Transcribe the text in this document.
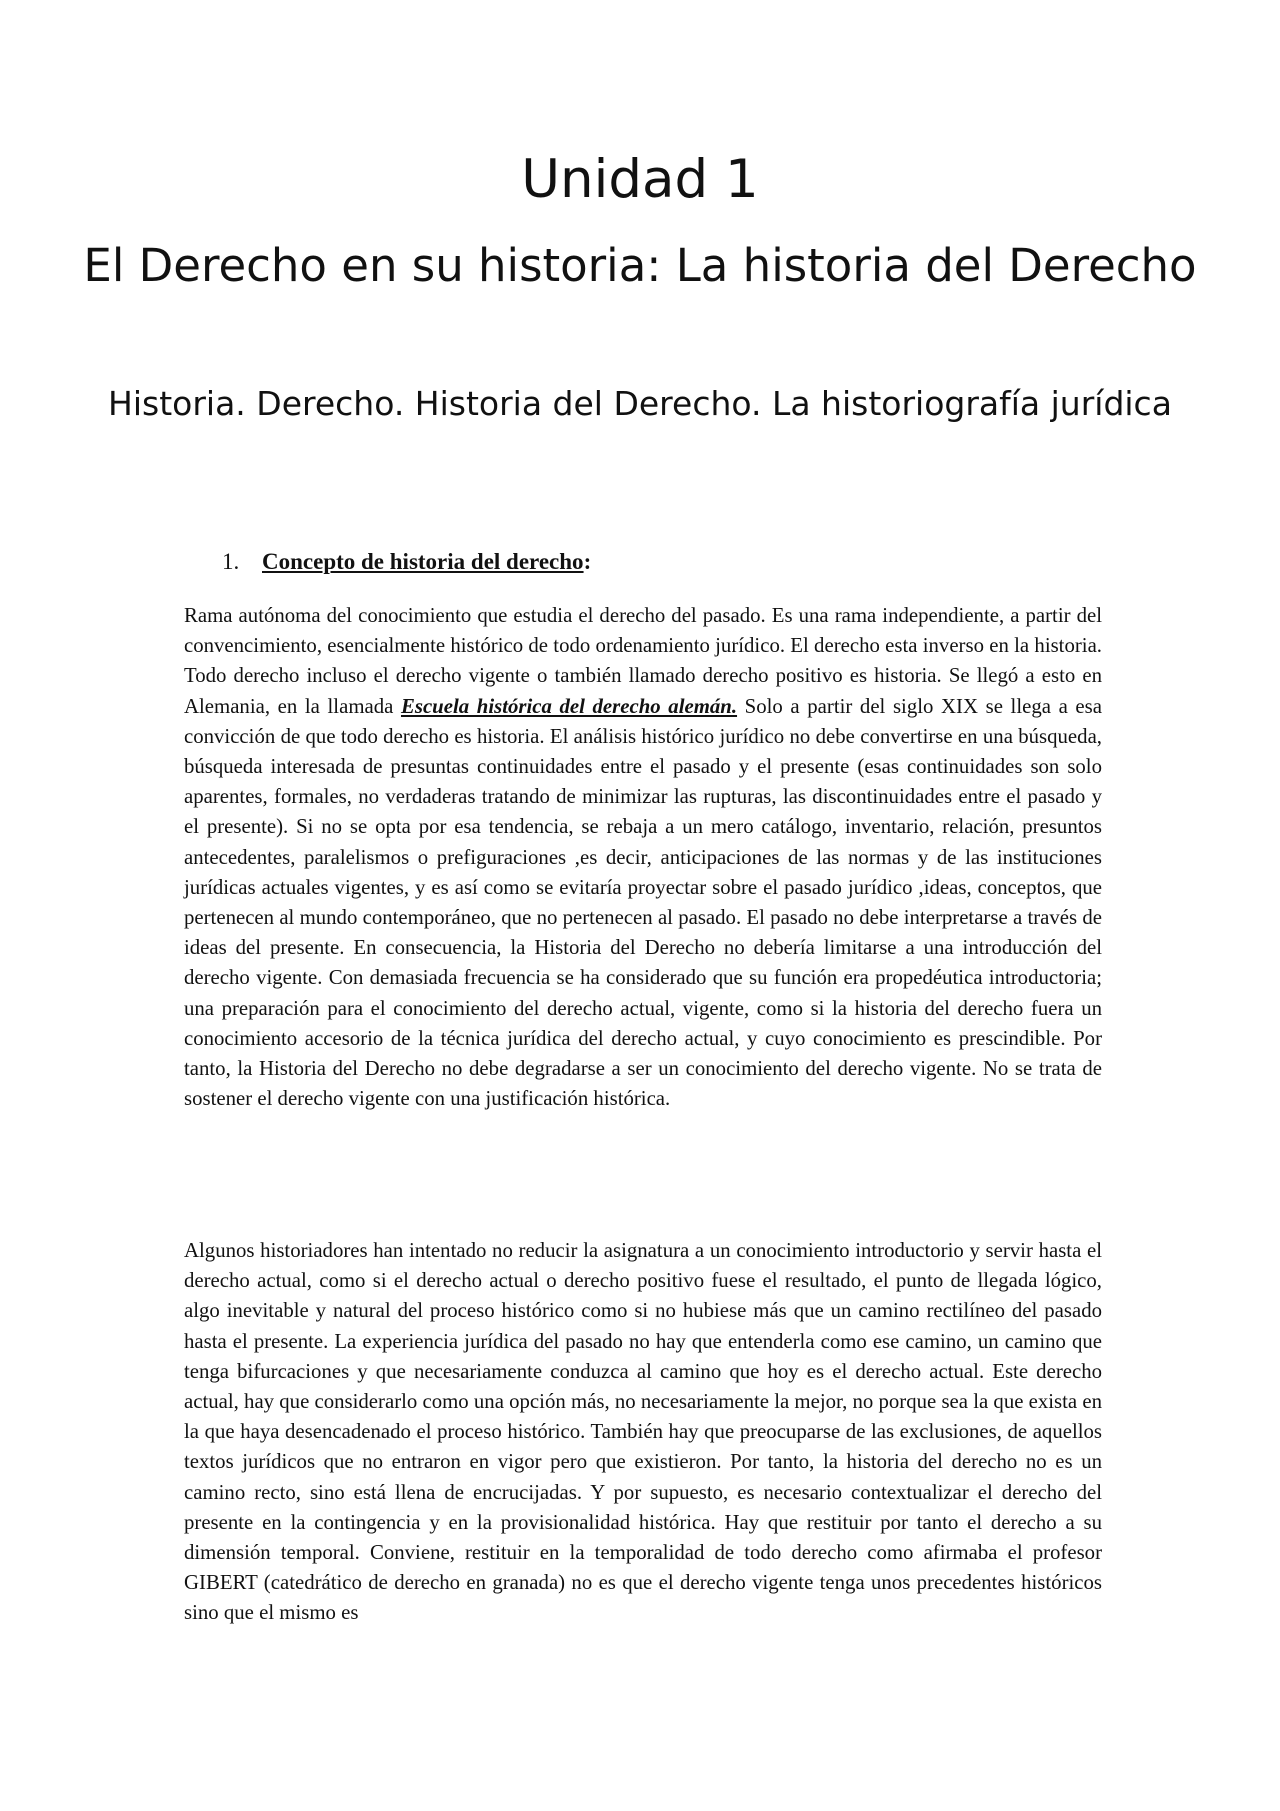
Unidad 1
El Derecho en su historia: La historia del Derecho
Historia. Derecho. Historia del Derecho. La historiografía jurídica

1. Concepto de historia del derecho:

Rama autónoma del conocimiento que estudia el derecho del pasado. Es una rama independiente, a partir del convencimiento, esencialmente histórico de todo ordenamiento jurídico. El derecho esta inverso en la historia. Todo derecho incluso el derecho vigente o también llamado derecho positivo es historia. Se llegó a esto en Alemania, en la llamada Escuela histórica del derecho alemán. Solo a partir del siglo XIX se llega a esa convicción de que todo derecho es historia. El análisis histórico jurídico no debe convertirse en una búsqueda, búsqueda interesada de presuntas continuidades entre el pasado y el presente (esas continuidades son solo aparentes, formales, no verdaderas tratando de minimizar las rupturas, las discontinuidades entre el pasado y el presente). Si no se opta por esa tendencia, se rebaja a un mero catálogo, inventario, relación, presuntos antecedentes, paralelismos o prefiguraciones ,es decir, anticipaciones de las normas y de las instituciones jurídicas actuales vigentes, y es así como se evitaría proyectar sobre el pasado jurídico ,ideas, conceptos, que pertenecen al mundo contemporáneo, que no pertenecen al pasado. El pasado no debe interpretarse a través de ideas del presente. En consecuencia, la Historia del Derecho no debería limitarse a una introducción del derecho vigente. Con demasiada frecuencia se ha considerado que su función era propedéutica introductoria; una preparación para el conocimiento del derecho actual, vigente, como si la historia del derecho fuera un conocimiento accesorio de la técnica jurídica del derecho actual, y cuyo conocimiento es prescindible. Por tanto, la Historia del Derecho no debe degradarse a ser un conocimiento del derecho vigente. No se trata de sostener el derecho vigente con una justificación histórica.

Algunos historiadores han intentado no reducir la asignatura a un conocimiento introductorio y servir hasta el derecho actual, como si el derecho actual o derecho positivo fuese el resultado, el punto de llegada lógico, algo inevitable y natural del proceso histórico como si no hubiese más que un camino rectilíneo del pasado hasta el presente. La experiencia jurídica del pasado no hay que entenderla como ese camino, un camino que tenga bifurcaciones y que necesariamente conduzca al camino que hoy es el derecho actual. Este derecho actual, hay que considerarlo como una opción más, no necesariamente la mejor, no porque sea la que exista en la que haya desencadenado el proceso histórico. También hay que preocuparse de las exclusiones, de aquellos textos jurídicos que no entraron en vigor pero que existieron. Por tanto, la historia del derecho no es un camino recto, sino está llena de encrucijadas. Y por supuesto, es necesario contextualizar el derecho del presente en la contingencia y en la provisionalidad histórica. Hay que restituir por tanto el derecho a su dimensión temporal. Conviene, restituir en la temporalidad de todo derecho como afirmaba el profesor GIBERT (catedrático de derecho en granada) no es que el derecho vigente tenga unos precedentes históricos sino que el mismo es
